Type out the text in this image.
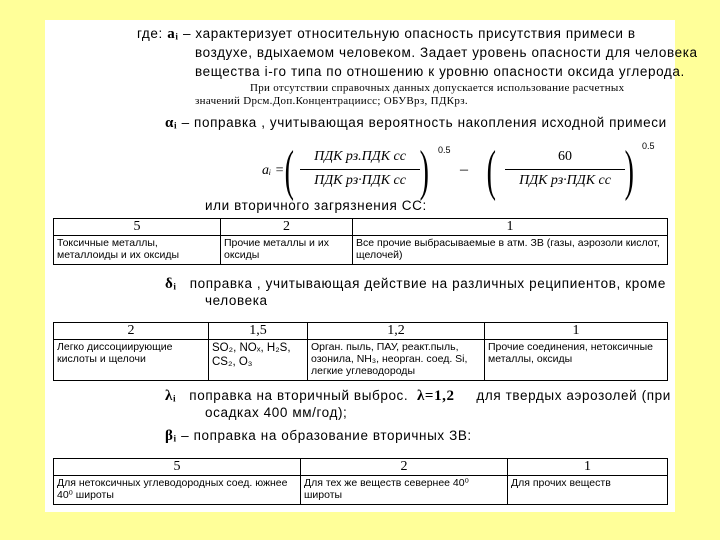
где: aᵢ – характеризует относительную опасность присутствия примеси в
воздухе, вдыхаемом человеком. Задает уровень опасности для человека
вещества i-го типа по отношению к уровню опасности оксида углерода.
При отсутствии справочных данных допускается использование расчетных
значений Dрсм.Доп.Концентрацииcc; ОБУВрз, ПДКрз.
αᵢ – поправка , учитывающая вероятность накопления исходной примеси
aᵢ = (	ПДК рз.ПДК сс
ПДК рз·ПДК сс ) 0.5
– (	60
ПДК рз·ПДК сс ) 0.5
или вторичного загрязнения СС:
5	2	1
Токсичные металлы, металлоиды и их оксиды	Прочие металлы и их оксиды	Все прочие выбрасываемые в атм. ЗВ (газы, аэрозоли кислот, щелочей)
δᵢ поправка , учитывающая действие на различных реципиентов, кроме
человека
2	1,5	1,2	1
Легко диссоциирующие кислоты и щелочи	SO₂, NOₓ, H₂S,
CS₂, O₃	Орган. пыль, ПАУ, реакт.пыль, озонила, NH₃, неорган. соед. Si, легкие углеводороды	Прочие соединения, нетоксичные металлы, оксиды
λᵢ поправка на вторичный выброс. λ=1,2 для твердых аэрозолей (при
осадках 400 мм/год);
βᵢ – поправка на образование вторичных ЗВ:
5	2	1
Для нетоксичных углеводородных соед. южнее 40⁰ широты	Для тех же веществ севернее 40⁰ широты	Для прочих веществ
